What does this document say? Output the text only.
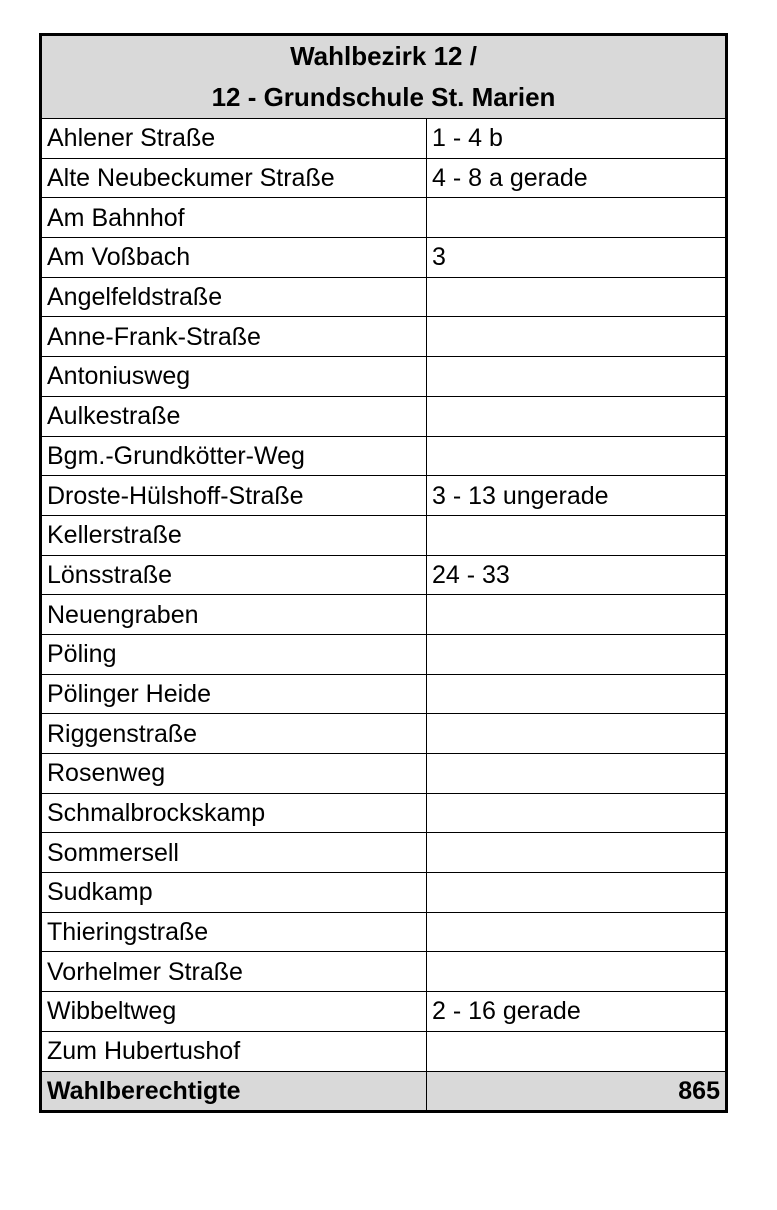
Wahlbezirk 12 /
12 - Grundschule St. Marien	

Ahlener Straße	1 - 4 b
Alte Neubeckumer Straße	4 - 8 a gerade
Am Bahnhof	
Am Voßbach	3
Angelfeldstraße	
Anne-Frank-Straße	
Antoniusweg	
Aulkestraße	
Bgm.-Grundkötter-Weg	
Droste-Hülshoff-Straße	3 - 13 ungerade
Kellerstraße	
Lönsstraße	24 - 33
Neuengraben	
Pöling	
Pölinger Heide	
Riggenstraße	
Rosenweg	
Schmalbrockskamp	
Sommersell	
Sudkamp	
Thieringstraße	
Vorhelmer Straße	
Wibbeltweg	2 - 16 gerade
Zum Hubertushof	
Wahlberechtigte	865
